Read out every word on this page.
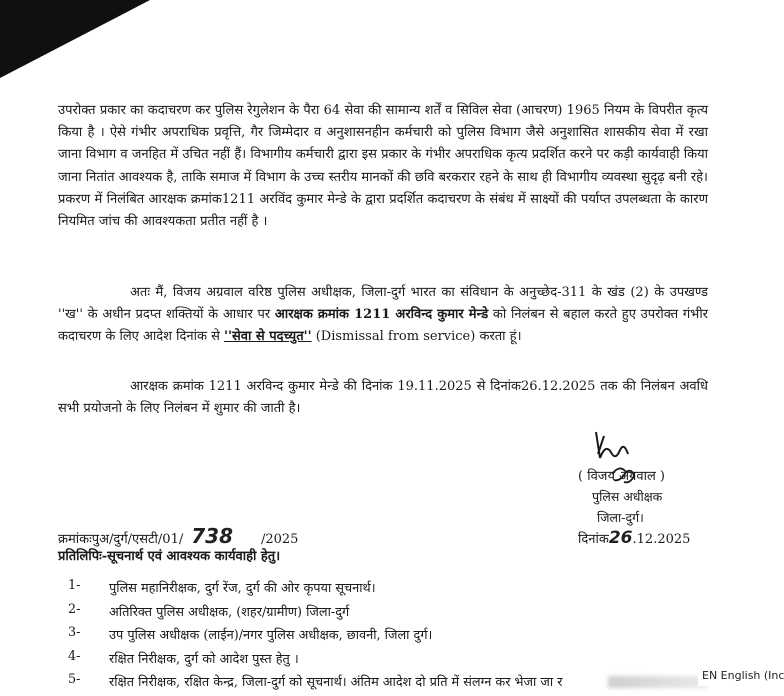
उपरोक्त प्रकार का कदाचरण कर पुलिस रेगुलेशन के पैरा 64 सेवा की सामान्य शर्तें व सिविल सेवा (आचरण) 1965 नियम के विपरीत कृत्य किया है । ऐसे गंभीर अपराधिक प्रवृत्ति, गैर जिम्मेदार व अनुशासनहीन कर्मचारी को पुलिस विभाग जैसे अनुशासित शासकीय सेवा में रखा जाना विभाग व जनहित में उचित नहीं हैं। विभागीय कर्मचारी द्वारा इस प्रकार के गंभीर अपराधिक कृत्य प्रदर्शित करने पर कड़ी कार्यवाही किया जाना नितांत आवश्यक है, ताकि समाज में विभाग के उच्च स्तरीय मानकों की छवि बरकरार रहने के साथ ही विभागीय व्यवस्था सुदृढ़ बनी रहे। प्रकरण में निलंबित आरक्षक क्रमांक1211 अरविंद कुमार मेन्डे के द्वारा प्रदर्शित कदाचरण के संबंध में साक्ष्यों की पर्याप्त उपलब्धता के कारण नियमित जांच की आवश्यकता प्रतीत नहीं है ।
अतः मैं, विजय अग्रवाल वरिष्ठ पुलिस अधीक्षक, जिला-दुर्ग भारत का संविधान के अनुच्छेद-311 के खंड (2) के उपखण्ड ''ख'' के अधीन प्रदप्त शक्तियों के आधार पर आरक्षक क्रमांक 1211 अरविन्द कुमार मेन्डे को निलंबन से बहाल करते हुए उपरोक्त गंभीर कदाचरण के लिए आदेश दिनांक से ''सेवा से पदच्युत'' (Dismissal from service) करता हूं।
आरक्षक क्रमांक 1211 अरविन्द कुमार मेन्डे की दिनांक 19.11.2025 से दिनांक26.12.2025 तक की निलंबन अवधि सभी प्रयोजनो के लिए निलंबन में शुमार की जाती है।
( विजय अग्रवाल )
पुलिस अधीक्षक
जिला-दुर्ग।
दिनांक26.12.2025
क्रमांकःपुअ/दुर्ग/एसटी/01/ 738 /2025
प्रतिलिपिः-सूचनार्थ एवं आवश्यक कार्यवाही हेतु।
1-	पुलिस महानिरीक्षक, दुर्ग रेंज, दुर्ग की ओर कृपया सूचनार्थ।
2-	अतिरिक्त पुलिस अधीक्षक, (शहर/ग्रामीण) जिला-दुर्ग
3-	उप पुलिस अधीक्षक (लाईन)/नगर पुलिस अधीक्षक, छावनी, जिला दुर्ग।
4-	रक्षित निरीक्षक, दुर्ग को आदेश पुस्त हेतु ।
5-	रक्षित निरीक्षक, रक्षित केन्द्र, जिला-दुर्ग को सूचनार्थ। अंतिम आदेश दो प्रति में संलग्न कर भेजा जा र	EN English (Inc
